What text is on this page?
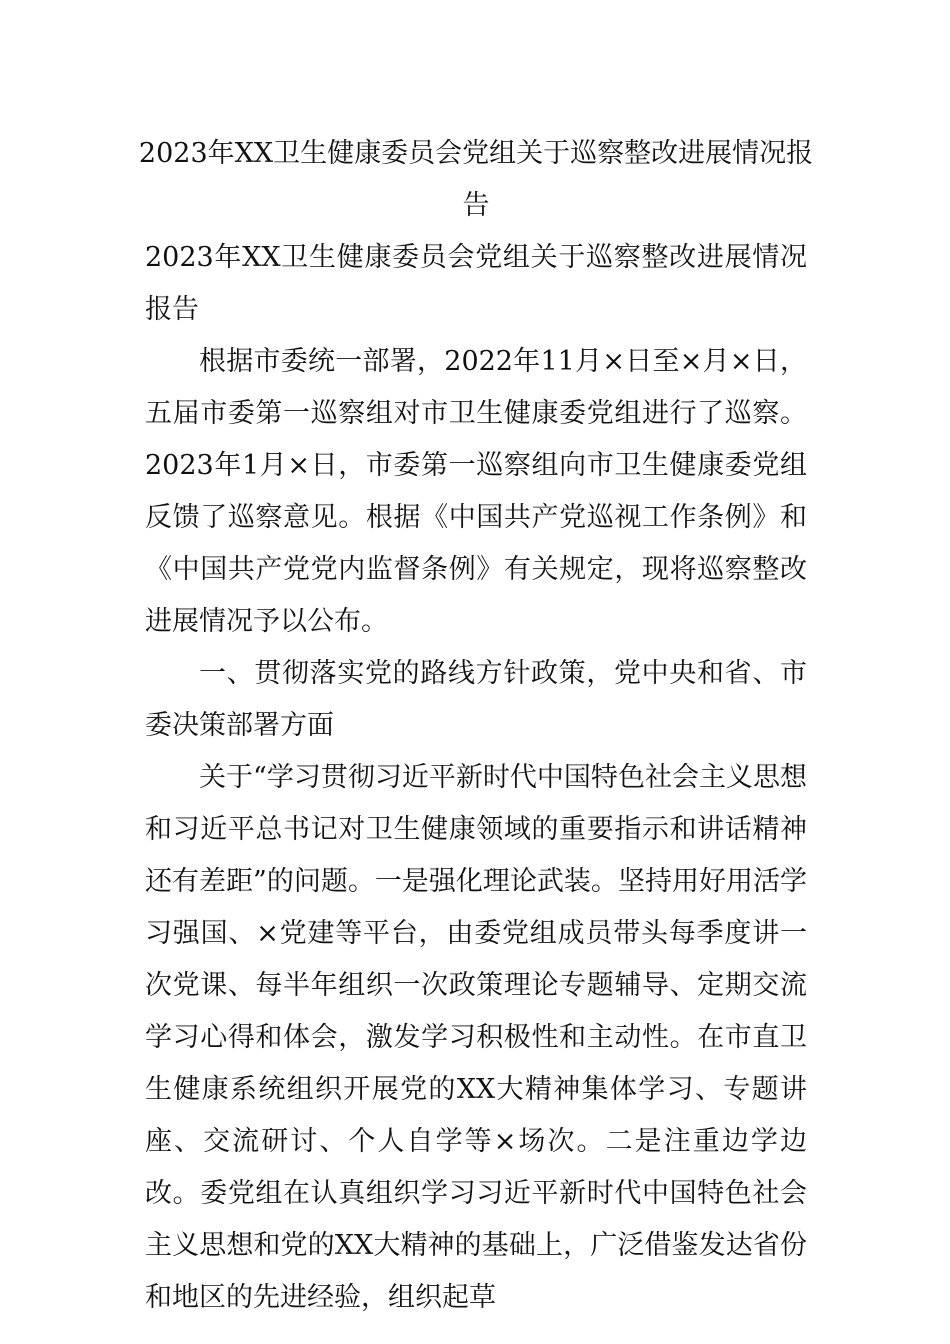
2023年XX卫生健康委员会党组关于巡察整改进展情况报告

2023年XX卫生健康委员会党组关于巡察整改进展情况报告

根据市委统一部署，2022年11月×日至×月×日，五届市委第一巡察组对市卫生健康委党组进行了巡察。2023年1月×日，市委第一巡察组向市卫生健康委党组反馈了巡察意见。根据《中国共产党巡视工作条例》和《中国共产党党内监督条例》有关规定，现将巡察整改进展情况予以公布。

一、贯彻落实党的路线方针政策，党中央和省、市委决策部署方面

关于“学习贯彻习近平新时代中国特色社会主义思想和习近平总书记对卫生健康领域的重要指示和讲话精神还有差距”的问题。一是强化理论武装。坚持用好用活学习强国、×党建等平台，由委党组成员带头每季度讲一次党课、每半年组织一次政策理论专题辅导、定期交流学习心得和体会，激发学习积极性和主动性。在市直卫生健康系统组织开展党的XX大精神集体学习、专题讲座、交流研讨、个人自学等×场次。二是注重边学边改。委党组在认真组织学习习近平新时代中国特色社会主义思想和党的XX大精神的基础上，广泛借鉴发达省份和地区的先进经验，组织起草
